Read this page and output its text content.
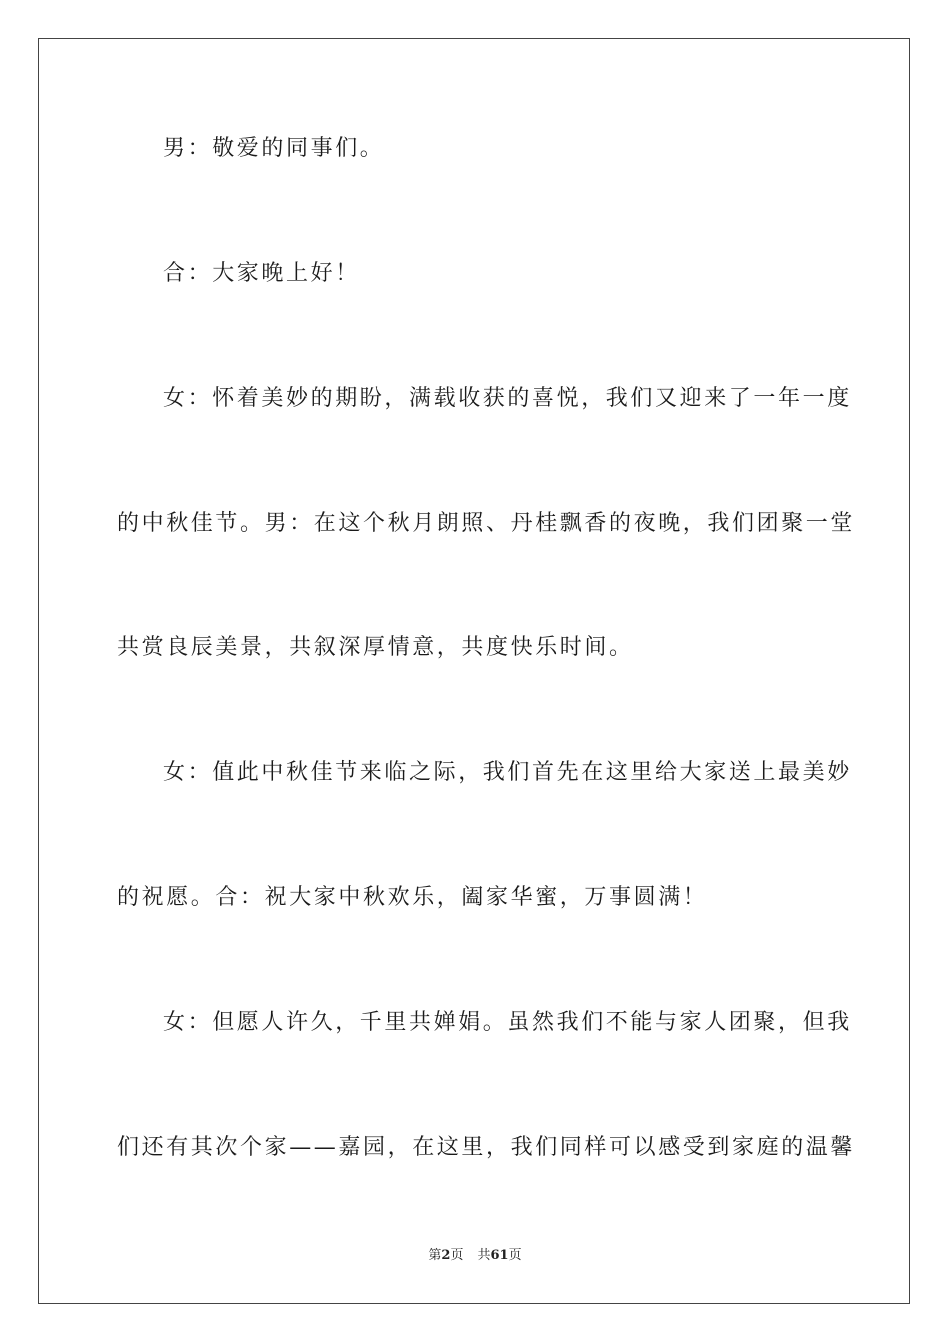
男：敬爱的同事们。
合：大家晚上好！
女：怀着美妙的期盼，满载收获的喜悦，我们又迎来了一年一度
的中秋佳节。男：在这个秋月朗照、丹桂飘香的夜晚，我们团聚一堂
共赏良辰美景，共叙深厚情意，共度快乐时间。
女：值此中秋佳节来临之际，我们首先在这里给大家送上最美妙
的祝愿。合：祝大家中秋欢乐，阖家华蜜，万事圆满！
女：但愿人许久，千里共婵娟。虽然我们不能与家人团聚，但我
们还有其次个家——嘉园，在这里，我们同样可以感受到家庭的温馨
第2页 共61页
